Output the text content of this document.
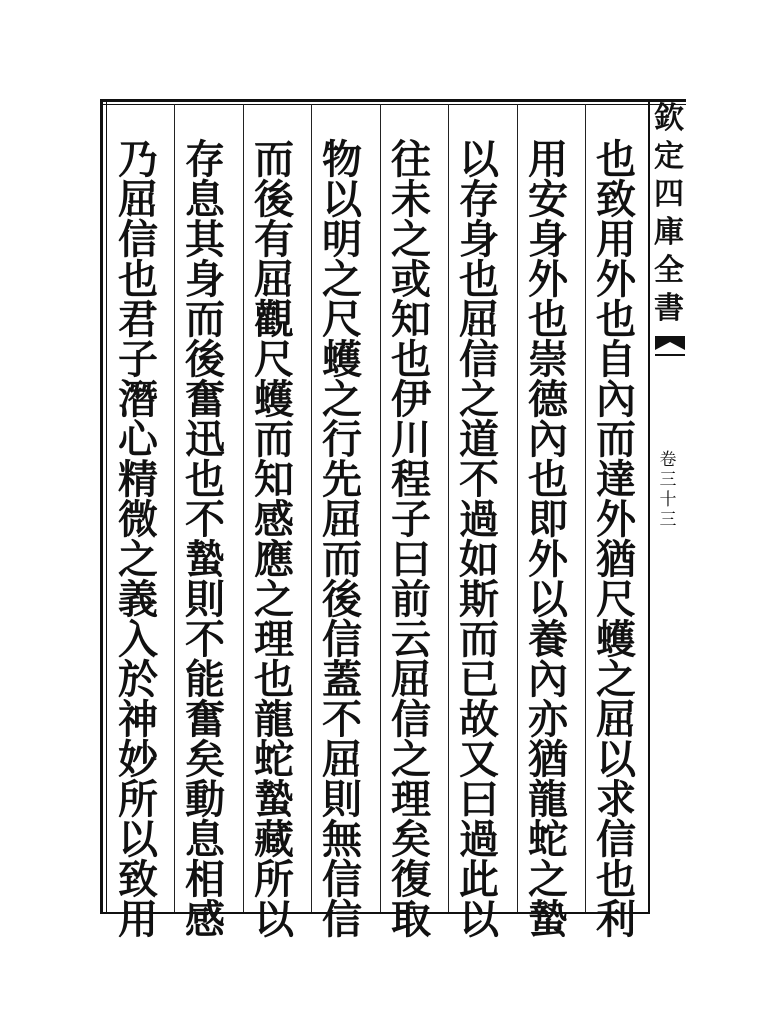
也
致
用
外
也
自
內
而
達
外
猶
尺
蠖
之
屈
以
求
信
也
利
用
安
身
外
也
崇
德
內
也
即
外
以
養
內
亦
猶
龍
蛇
之
蟄
以
存
身
也
屈
信
之
道
不
過
如
斯
而
已
故
又
曰
過
此
以
往
未
之
或
知
也
伊
川
程
子
曰
前
云
屈
信
之
理
矣
復
取
物
以
明
之
尺
蠖
之
行
先
屈
而
後
信
蓋
不
屈
則
無
信
信
而
後
有
屈
觀
尺
蠖
而
知
感
應
之
理
也
龍
蛇
蟄
藏
所
以
存
息
其
身
而
後
奮
迅
也
不
蟄
則
不
能
奮
矣
動
息
相
感
乃
屈
信
也
君
子
潛
心
精
微
之
義
入
於
神
妙
所
以
致
用
欽
定
四
庫
全
書
卷
三
十
三
